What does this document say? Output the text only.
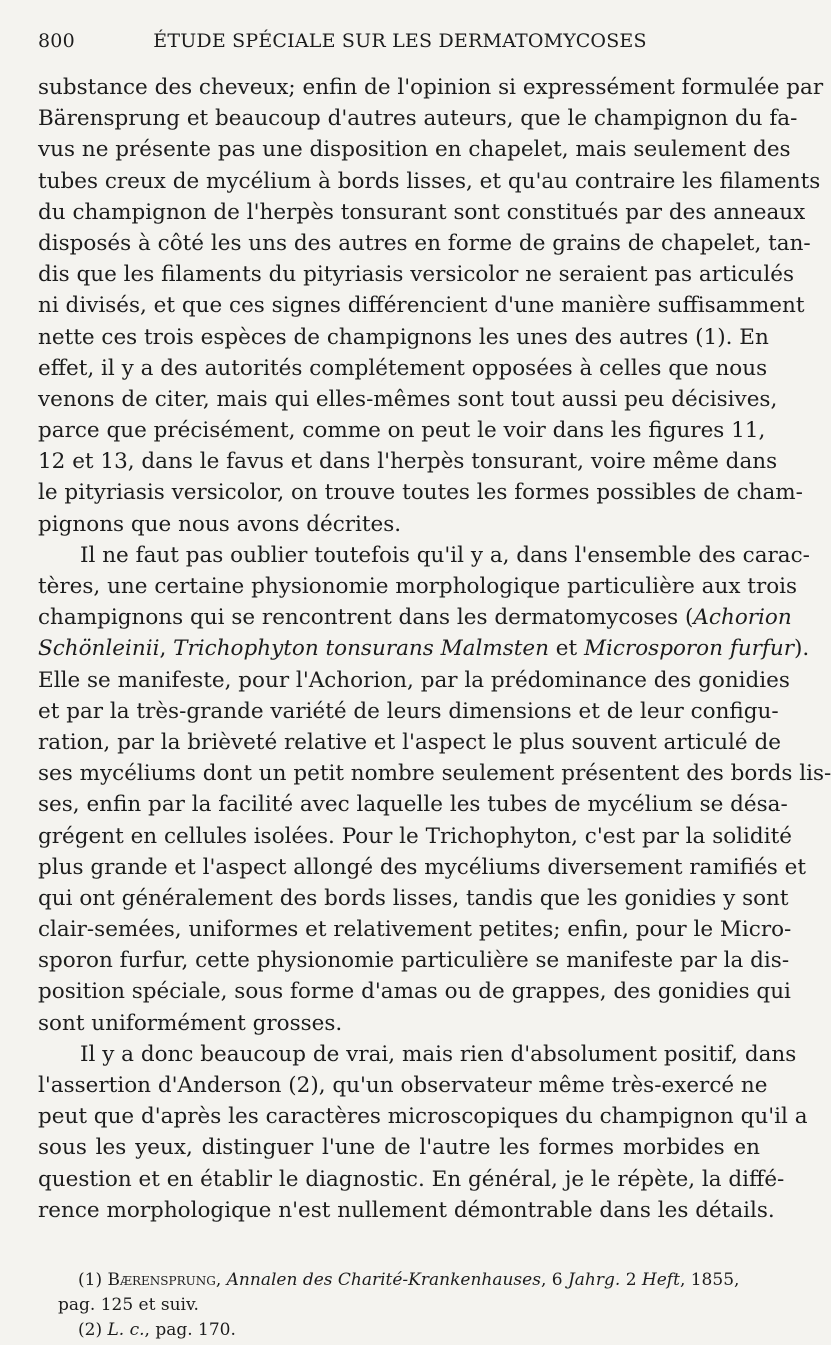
800	ÉTUDE SPÉCIALE SUR LES DERMATOMYCOSES
substance des cheveux; enfin de l'opinion si expressément formulée par
Bärensprung et beaucoup d'autres auteurs, que le champignon du fa-
vus ne présente pas une disposition en chapelet, mais seulement des
tubes creux de mycélium à bords lisses, et qu'au contraire les filaments
du champignon de l'herpès tonsurant sont constitués par des anneaux
disposés à côté les uns des autres en forme de grains de chapelet, tan-
dis que les filaments du pityriasis versicolor ne seraient pas articulés
ni divisés, et que ces signes différencient d'une manière suffisamment
nette ces trois espèces de champignons les unes des autres (1). En
effet, il y a des autorités complétement opposées à celles que nous
venons de citer, mais qui elles-mêmes sont tout aussi peu décisives,
parce que précisément, comme on peut le voir dans les figures 11,
12 et 13, dans le favus et dans l'herpès tonsurant, voire même dans
le pityriasis versicolor, on trouve toutes les formes possibles de cham-
pignons que nous avons décrites.
Il ne faut pas oublier toutefois qu'il y a, dans l'ensemble des carac-
tères, une certaine physionomie morphologique particulière aux trois
champignons qui se rencontrent dans les dermatomycoses (Achorion
Schönleinii, Trichophyton tonsurans Malmsten et Microsporon furfur).
Elle se manifeste, pour l'Achorion, par la prédominance des gonidies
et par la très-grande variété de leurs dimensions et de leur configu-
ration, par la brièveté relative et l'aspect le plus souvent articulé de
ses mycéliums dont un petit nombre seulement présentent des bords lis-
ses, enfin par la facilité avec laquelle les tubes de mycélium se désa-
grégent en cellules isolées. Pour le Trichophyton, c'est par la solidité
plus grande et l'aspect allongé des mycéliums diversement ramifiés et
qui ont généralement des bords lisses, tandis que les gonidies y sont
clair-semées, uniformes et relativement petites; enfin, pour le Micro-
sporon furfur, cette physionomie particulière se manifeste par la dis-
position spéciale, sous forme d'amas ou de grappes, des gonidies qui
sont uniformément grosses.
Il y a donc beaucoup de vrai, mais rien d'absolument positif, dans
l'assertion d'Anderson (2), qu'un observateur même très-exercé ne
peut que d'après les caractères microscopiques du champignon qu'il a
sous les yeux, distinguer l'une de l'autre les formes morbides en
question et en établir le diagnostic. En général, je le répète, la diffé-
rence morphologique n'est nullement démontrable dans les détails.
(1) Bærensprung, Annalen des Charité-Krankenhauses, 6 Jahrg. 2 Heft, 1855,
pag. 125 et suiv.
(2) L. c., pag. 170.
